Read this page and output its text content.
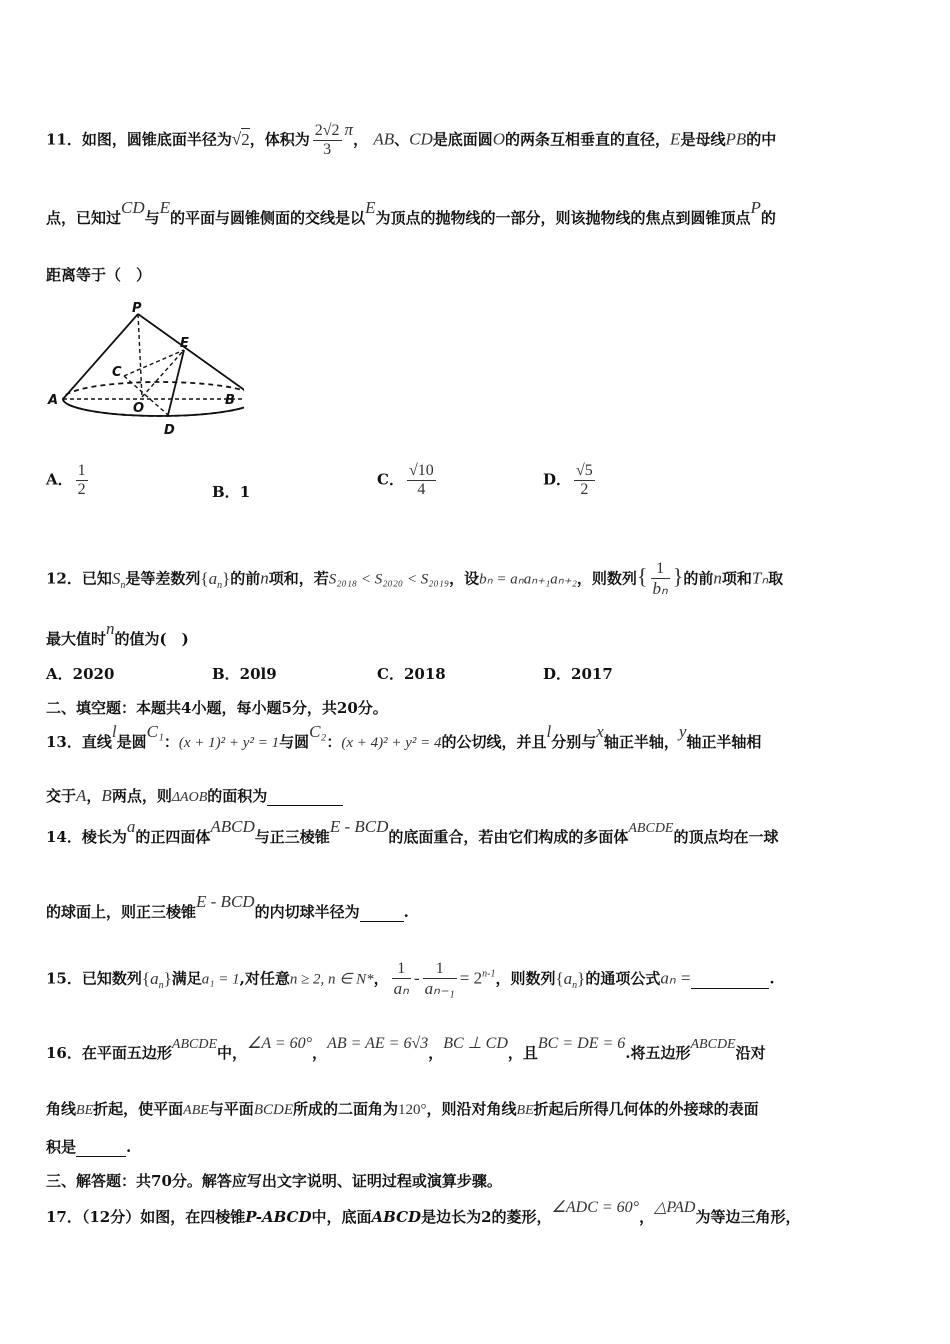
11．如图，圆锥底面半径为√2，体积为 $\frac{2√2}{3}$ π， AB、CD是底面圆O的两条互相垂直的直径，E是母线PB的中
点，已知过CD与E的平面与圆锥侧面的交线是以E为顶点的抛物线的一部分，则该抛物线的焦点到圆锥顶点P的
距离等于（　）
P
E
C
A
O
B
D
A． $\frac{1}{2}$	B．1
C． $\frac{√10}{4}$	D． $\frac{√5}{2}$
12．已知$S_n$是等差数列$\{a_n\}$的前n项和，若S₂₀₁₈ < S₂₀₂₀ < S₂₀₁₉，设bₙ = aₙaₙ₊₁aₙ₊₂，则数列{ $\frac{1}{\text{bₙ}}$ }的前n项和Tₙ取
最大值时n的值为(　)
A．2020	B．20l9	C．2018	D．2017
二、填空题：本题共4小题，每小题5分，共20分。
13．直线l是圆C₁：(x + 1)² + y² = 1与圆C₂：(x + 4)² + y² = 4的公切线，并且l分别与x轴正半轴，y轴正半轴相
交于A，B两点，则ΔAOB的面积为
14．棱长为a的正四面体ABCD与正三棱锥E - BCD的底面重合，若由它们构成的多面体ABCDE的顶点均在一球
的球面上，则正三棱锥E - BCD的内切球半径为	.
15．已知数列$\{a_n\}$满足a₁ = 1,对任意n ≥ 2, n ∈ N*， $\frac{1}{\text{aₙ}} - \frac{1}{\text{aₙ₋₁}} = 2^{n-1}$，则数列$\{a_n\}$的通项公式aₙ =	.
16．在平面五边形ABCDE中，∠A = 60°，AB = AE = 6√3，BC ⊥ CD，且BC = DE = 6.将五边形ABCDE沿对
角线BE折起，使平面ABE与平面BCDE所成的二面角为120°，则沿对角线BE折起后所得几何体的外接球的表面
积是	.
三、解答题：共70分。解答应写出文字说明、证明过程或演算步骤。
17．（12分）如图，在四棱锥P-ABCD中，底面ABCD是边长为2的菱形，∠ADC = 60°，△PAD为等边三角形，
